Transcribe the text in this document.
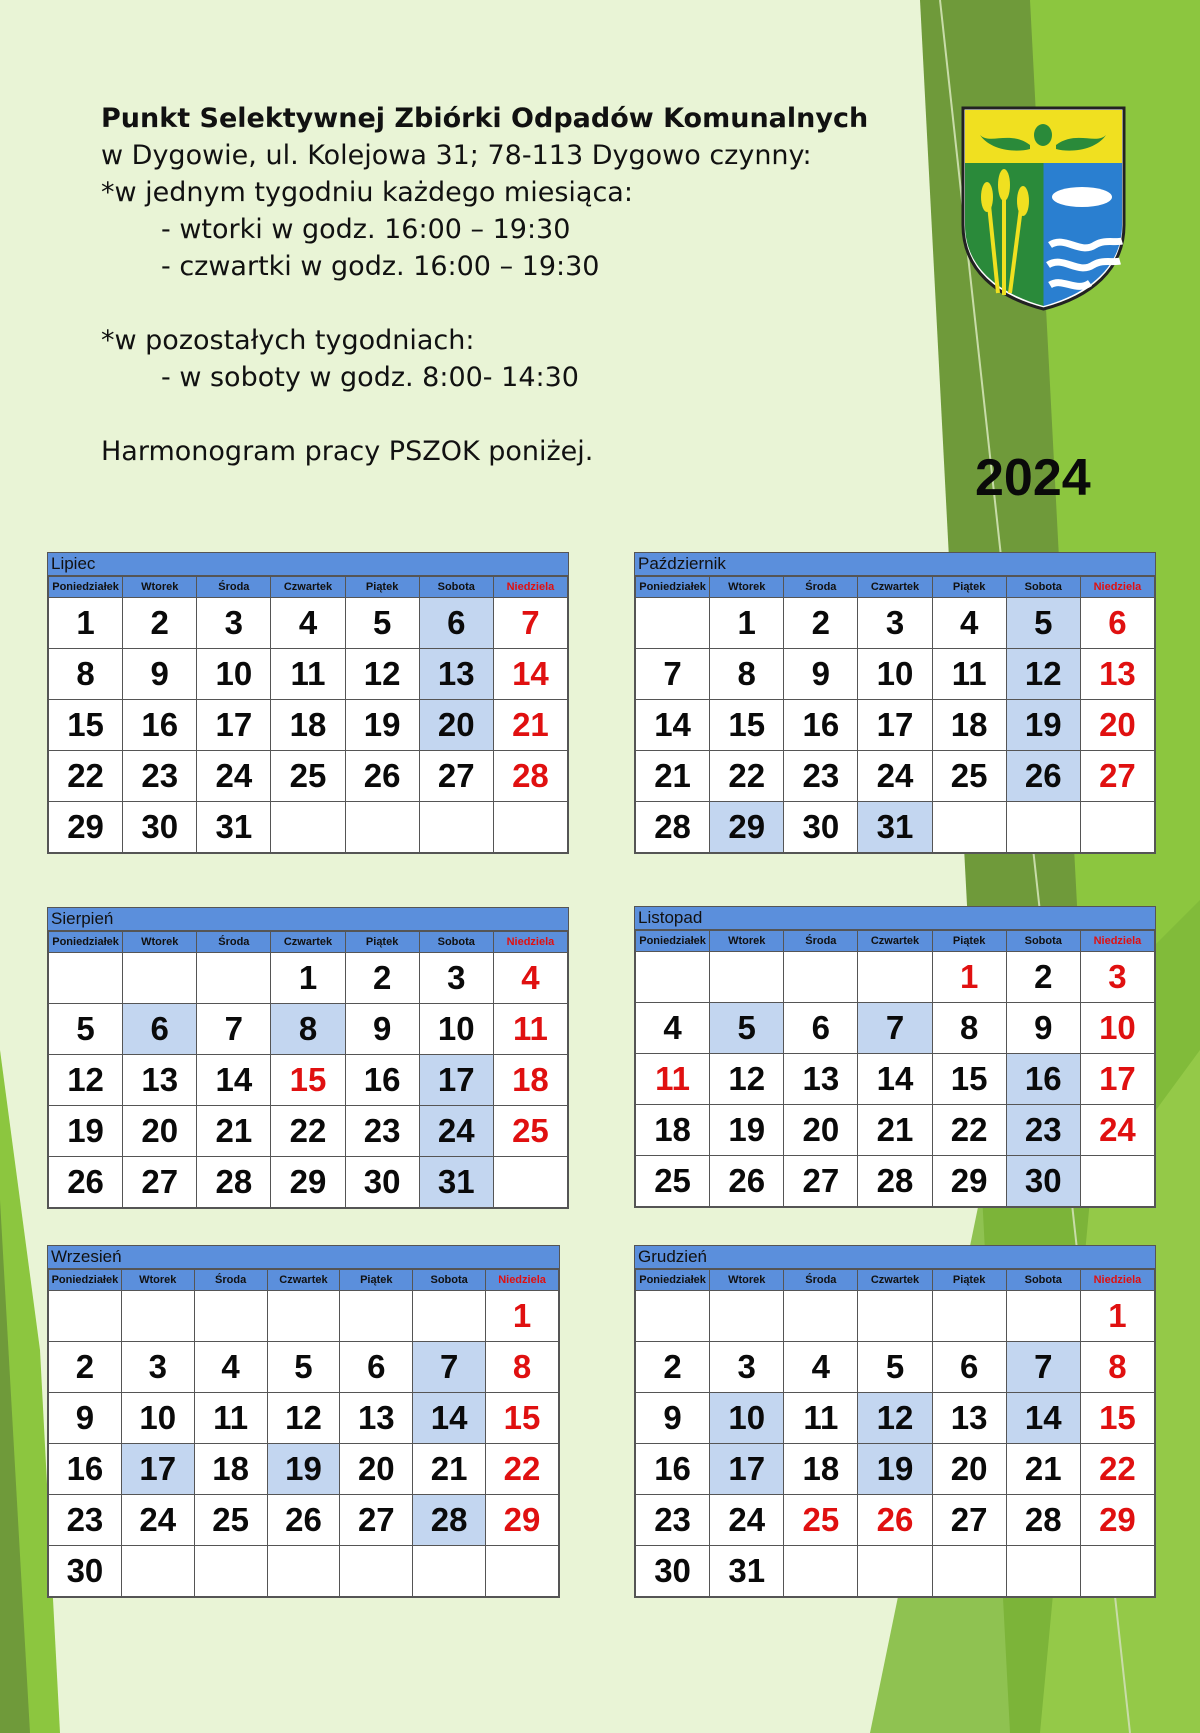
Punkt Selektywnej Zbiórki Odpadów Komunalnych
w Dygowie, ul. Kolejowa 31; 78-113 Dygowo czynny:
*w jednym tygodniu każdego miesiąca:
- wtorki w godz. 16:00 – 19:30
- czwartki w godz. 16:00 – 19:30
*w pozostałych tygodniach:
- w soboty w godz. 8:00- 14:30
Harmonogram pracy PSZOK poniżej.	2024
Lipiec
Poniedziałek	Wtorek	Środa	Czwartek	Piątek	Sobota	Niedziela
1	2	3	4	5	6	7
8	9	10	11	12	13	14
15	16	17	18	19	20	21
22	23	24	25	26	27	28
29	30	31				
Sierpień
Poniedziałek	Wtorek	Środa	Czwartek	Piątek	Sobota	Niedziela
			1	2	3	4
5	6	7	8	9	10	11
12	13	14	15	16	17	18
19	20	21	22	23	24	25
26	27	28	29	30	31	
Wrzesień
Poniedziałek	Wtorek	Środa	Czwartek	Piątek	Sobota	Niedziela
						1
2	3	4	5	6	7	8
9	10	11	12	13	14	15
16	17	18	19	20	21	22
23	24	25	26	27	28	29
30						
Październik
Poniedziałek	Wtorek	Środa	Czwartek	Piątek	Sobota	Niedziela
	1	2	3	4	5	6
7	8	9	10	11	12	13
14	15	16	17	18	19	20
21	22	23	24	25	26	27
28	29	30	31			
Listopad
Poniedziałek	Wtorek	Środa	Czwartek	Piątek	Sobota	Niedziela
				1	2	3
4	5	6	7	8	9	10
11	12	13	14	15	16	17
18	19	20	21	22	23	24
25	26	27	28	29	30	
Grudzień
Poniedziałek	Wtorek	Środa	Czwartek	Piątek	Sobota	Niedziela
						1
2	3	4	5	6	7	8
9	10	11	12	13	14	15
16	17	18	19	20	21	22
23	24	25	26	27	28	29
30	31					
